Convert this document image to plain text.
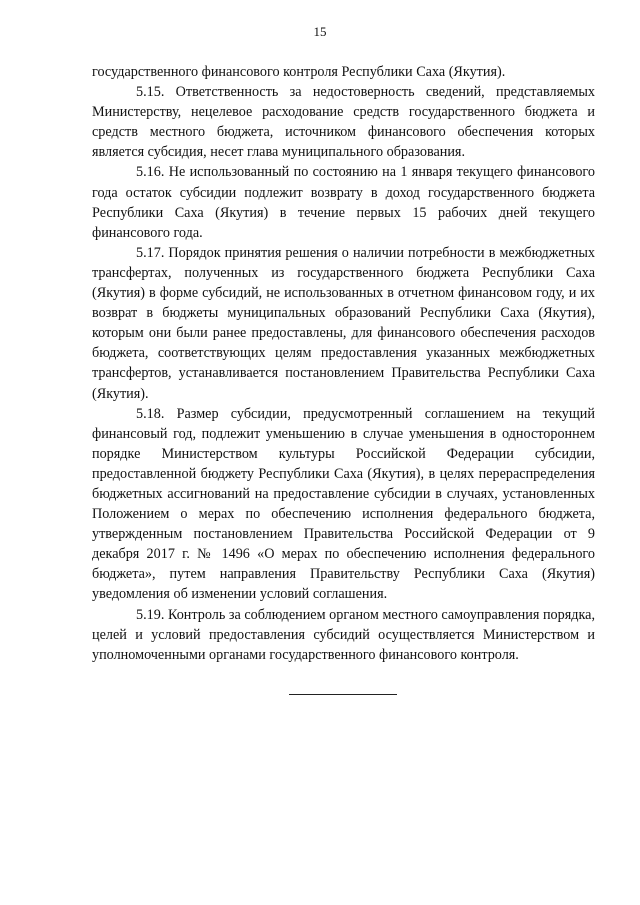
15

государственного финансового контроля Республики Саха (Якутия).

5.15. Ответственность за недостоверность сведений, представляемых Министерству, нецелевое расходование средств государственного бюджета и средств местного бюджета, источником финансового обеспечения которых является субсидия, несет глава муниципального образования.

5.16. Не использованный по состоянию на 1 января текущего финансового года остаток субсидии подлежит возврату в доход государственного бюджета Республики Саха (Якутия) в течение первых 15 рабочих дней текущего финансового года.

5.17. Порядок принятия решения о наличии потребности в межбюджетных трансфертах, полученных из государственного бюджета Республики Саха (Якутия) в форме субсидий, не использованных в отчетном финансовом году, и их возврат в бюджеты муниципальных образований Республики Саха (Якутия), которым они были ранее предоставлены, для финансового обеспечения расходов бюджета, соответствующих целям предоставления указанных межбюджетных трансфертов, устанавливается постановлением Правительства Республики Саха (Якутия).

5.18. Размер субсидии, предусмотренный соглашением на текущий финансовый год, подлежит уменьшению в случае уменьшения в одностороннем порядке Министерством культуры Российской Федерации субсидии, предоставленной бюджету Республики Саха (Якутия), в целях перераспределения бюджетных ассигнований на предоставление субсидии в случаях, установленных Положением о мерах по обеспечению исполнения федерального бюджета, утвержденным постановлением Правительства Российской Федерации от 9 декабря 2017 г. № 1496 «О мерах по обеспечению исполнения федерального бюджета», путем направления Правительству Республики Саха (Якутия) уведомления об изменении условий соглашения.

5.19. Контроль за соблюдением органом местного самоуправления порядка, целей и условий предоставления субсидий осуществляется Министерством и уполномоченными органами государственного финансового контроля.
